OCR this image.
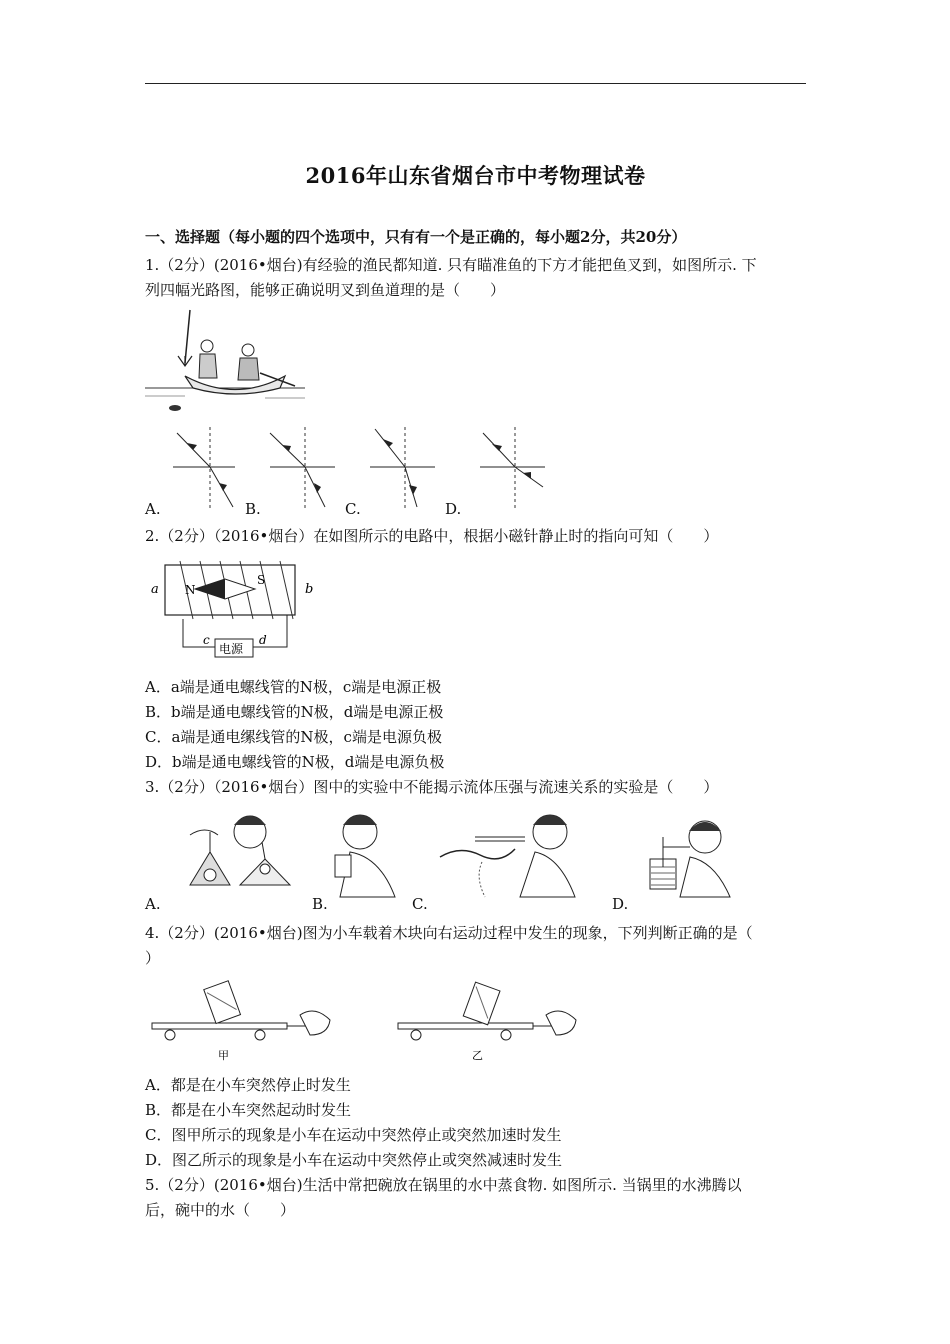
2016年山东省烟台市中考物理试卷
一、选择题（每小题的四个选项中，只有有一个是正确的，每小题2分，共20分）
1.（2分）(2016•烟台)有经验的渔民都知道. 只有瞄准鱼的下方才能把鱼叉到，如图所示. 下
列四幅光路图，能够正确说明叉到鱼道理的是（　　）
A.	B.	C.	D.
2.（2分）（2016•烟台）在如图所示的电路中，根据小磁针静止时的指向可知（　　）
N
S
a	b
电源
c	d
A．a端是通电螺线管的N极，c端是电源正极
B．b端是通电螺线管的N极，d端是电源正极
C．a端是通电缧线管的N极，c端是电源负极
D．b端是通电螺线管的N极，d端是电源负极
3.（2分）（2016•烟台）图中的实验中不能揭示流体压强与流速关系的实验是（　　）
A.	B.	C.	D.
4.（2分）(2016•烟台)图为小车载着木块向右运动过程中发生的现象，下列判断正确的是（
）
甲	乙
A．都是在小车突然停止时发生
B．都是在小车突然起动时发生
C．图甲所示的现象是小车在运动中突然停止或突然加速时发生
D．图乙所示的现象是小车在运动中突然停止或突然减速时发生
5.（2分）(2016•烟台)生活中常把碗放在锅里的水中蒸食物. 如图所示. 当锅里的水沸腾以
后，碗中的水（　　）
